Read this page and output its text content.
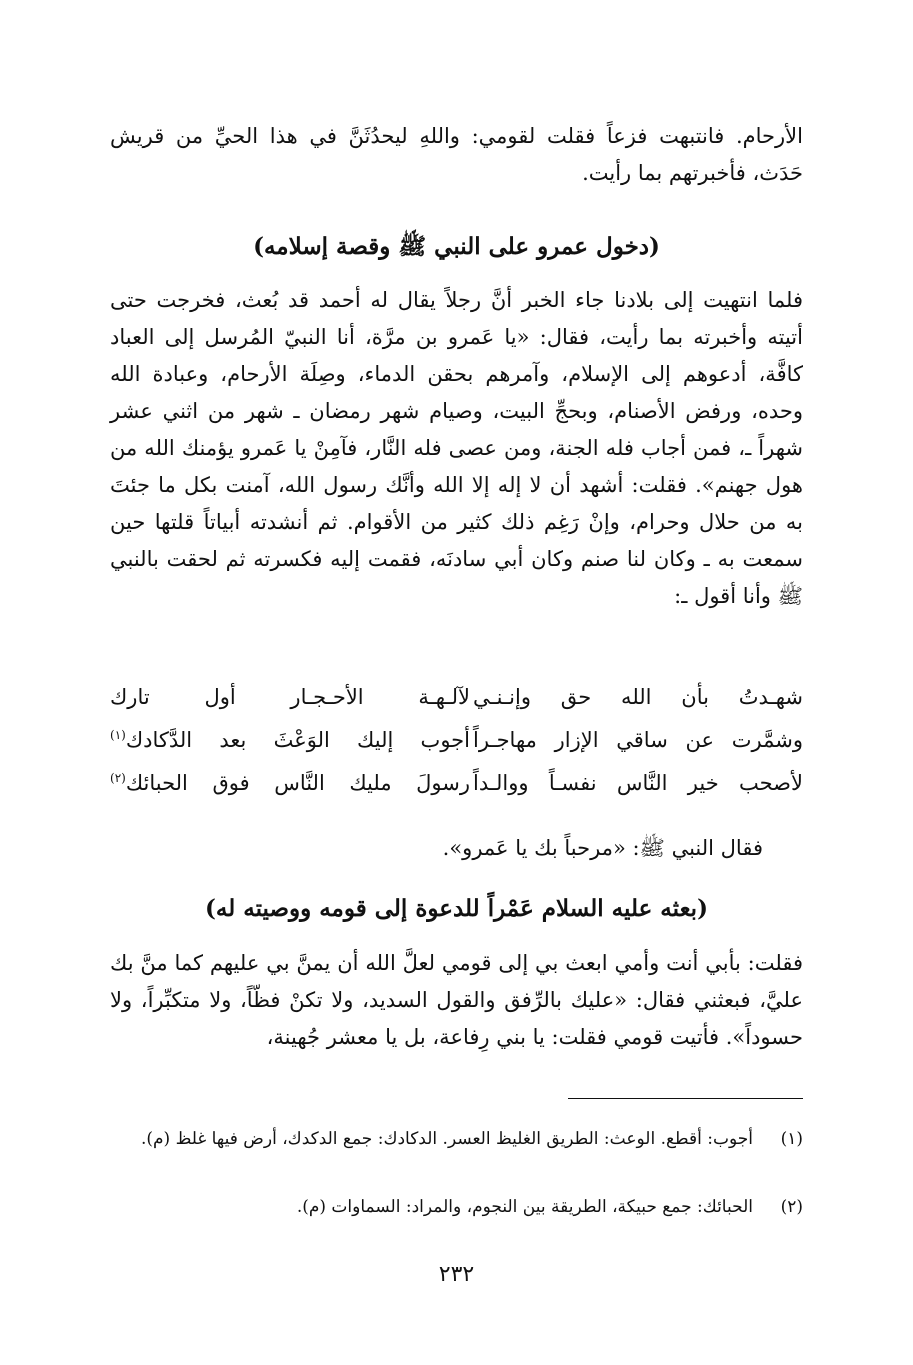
الأرحام. فانتبهت فزعاً فقلت لقومي: واللهِ ليحدُثَنَّ في هذا الحيِّ من قريش حَدَث، فأخبرتهم بما رأيت.

(دخول عمرو على النبي ﷺ وقصة إسلامه)

فلما انتهيت إلى بلادنا جاء الخبر أنَّ رجلاً يقال له أحمد قد بُعث، فخرجت حتى أتيته وأخبرته بما رأيت، فقال: «يا عَمرو بن مرَّة، أنا النبيّ المُرسل إلى العباد كافَّة، أدعوهم إلى الإسلام، وآمرهم بحقن الدماء، وصِلَة الأرحام، وعبادة الله وحده، ورفض الأصنام، وبحجِّ البيت، وصيام شهر رمضان ـ شهر من اثني عشر شهراً ـ، فمن أجاب فله الجنة، ومن عصى فله النَّار، فآمِنْ يا عَمرو يؤمنك الله من هول جهنم». فقلت: أشهد أن لا إله إلا الله وأنَّك رسول الله، آمنت بكل ما جئتَ به من حلال وحرام، وإنْ رَغِم ذلك كثير من الأقوام. ثم أنشدته أبياتاً قلتها حين سمعت به ـ وكان لنا صنم وكان أبي سادنَه، فقمت إليه فكسرته ثم لحقت بالنبي ﷺ وأنا أقول ـ:

شهـدتُ بأن الله حق وإنـنـي
لآلـهـة الأحـجـار أول تارك
وشمَّرت عن ساقي الإزار مهاجـراً
أجوب إليك الوَعْثَ بعد الدَّكادك$^{(١)}$
لأصحب خير النَّاس نفسـاً ووالـداً
رسولَ مليك النَّاس فوق الحبائك$^{(٢)}$

فقال النبي ﷺ: «مرحباً بك يا عَمرو».

(بعثه عليه السلام عَمْراً للدعوة إلى قومه ووصيته له)

فقلت: بأبي أنت وأمي ابعث بي إلى قومي لعلَّ الله أن يمنَّ بي عليهم كما منَّ بك عليَّ، فبعثني فقال: «عليك بالرِّفق والقول السديد، ولا تكنْ فظّاً، ولا متكبِّراً، ولا حسوداً». فأتيت قومي فقلت: يا بني رِفاعة، بل يا معشر جُهينة،

(١)
أجوب: أقطع. الوعث: الطريق الغليظ العسر. الدكادك: جمع الدكدك، أرض فيها غلظ (م).
(٢)
الحبائك: جمع حبيكة، الطريقة بين النجوم، والمراد: السماوات (م).
٢٣٢
